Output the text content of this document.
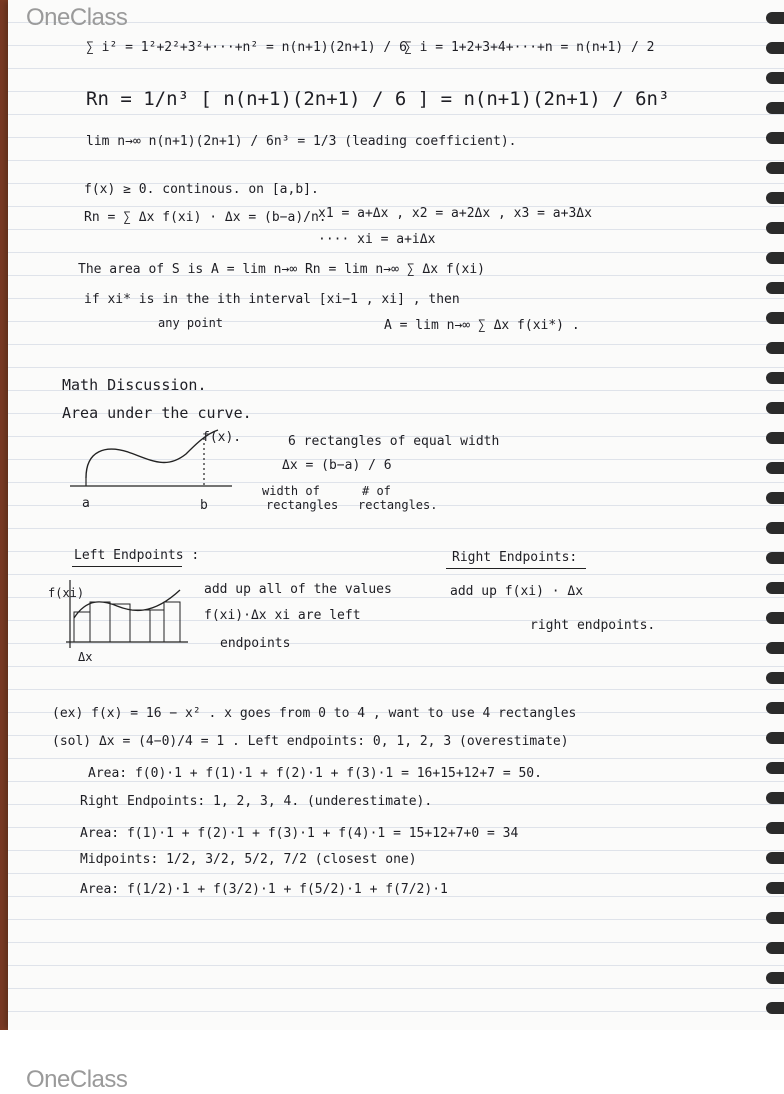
OneClass
∑ i² = 1²+2²+3²+···+n² = n(n+1)(2n+1) / 6
∑ i = 1+2+3+4+···+n = n(n+1) / 2
Rn = 1/n³ [ n(n+1)(2n+1) / 6 ] = n(n+1)(2n+1) / 6n³
lim n→∞ n(n+1)(2n+1) / 6n³ = 1/3 (leading coefficient).
f(x) ≥ 0. continous. on [a,b].
Rn = ∑ Δx f(xi) · Δx = (b−a)/n.
x1 = a+Δx , x2 = a+2Δx , x3 = a+3Δx
···· xi = a+iΔx
The area of S is A = lim n→∞ Rn = lim n→∞ ∑ Δx f(xi)
if xi* is in the ith interval [xi−1 , xi] , then
any point	A = lim n→∞ ∑ Δx f(xi*) .
Math Discussion.
Area under the curve.
f(x).
a	b
6 rectangles of equal width
Δx = (b−a) / 6
width of
rectangles
# of
rectangles.
Left Endpoints :	Right Endpoints:
f(xi)
Δx
add up all of the values
f(xi)·Δx xi are left
endpoints
add up f(xi) · Δx
right endpoints.
(ex) f(x) = 16 − x² . x goes from 0 to 4 , want to use 4 rectangles
(sol) Δx = (4−0)/4 = 1 . Left endpoints: 0, 1, 2, 3 (overestimate)
Area: f(0)·1 + f(1)·1 + f(2)·1 + f(3)·1 = 16+15+12+7 = 50.
Right Endpoints: 1, 2, 3, 4. (underestimate).
Area: f(1)·1 + f(2)·1 + f(3)·1 + f(4)·1 = 15+12+7+0 = 34
Midpoints: 1/2, 3/2, 5/2, 7/2 (closest one)
Area: f(1/2)·1 + f(3/2)·1 + f(5/2)·1 + f(7/2)·1
OneClass
